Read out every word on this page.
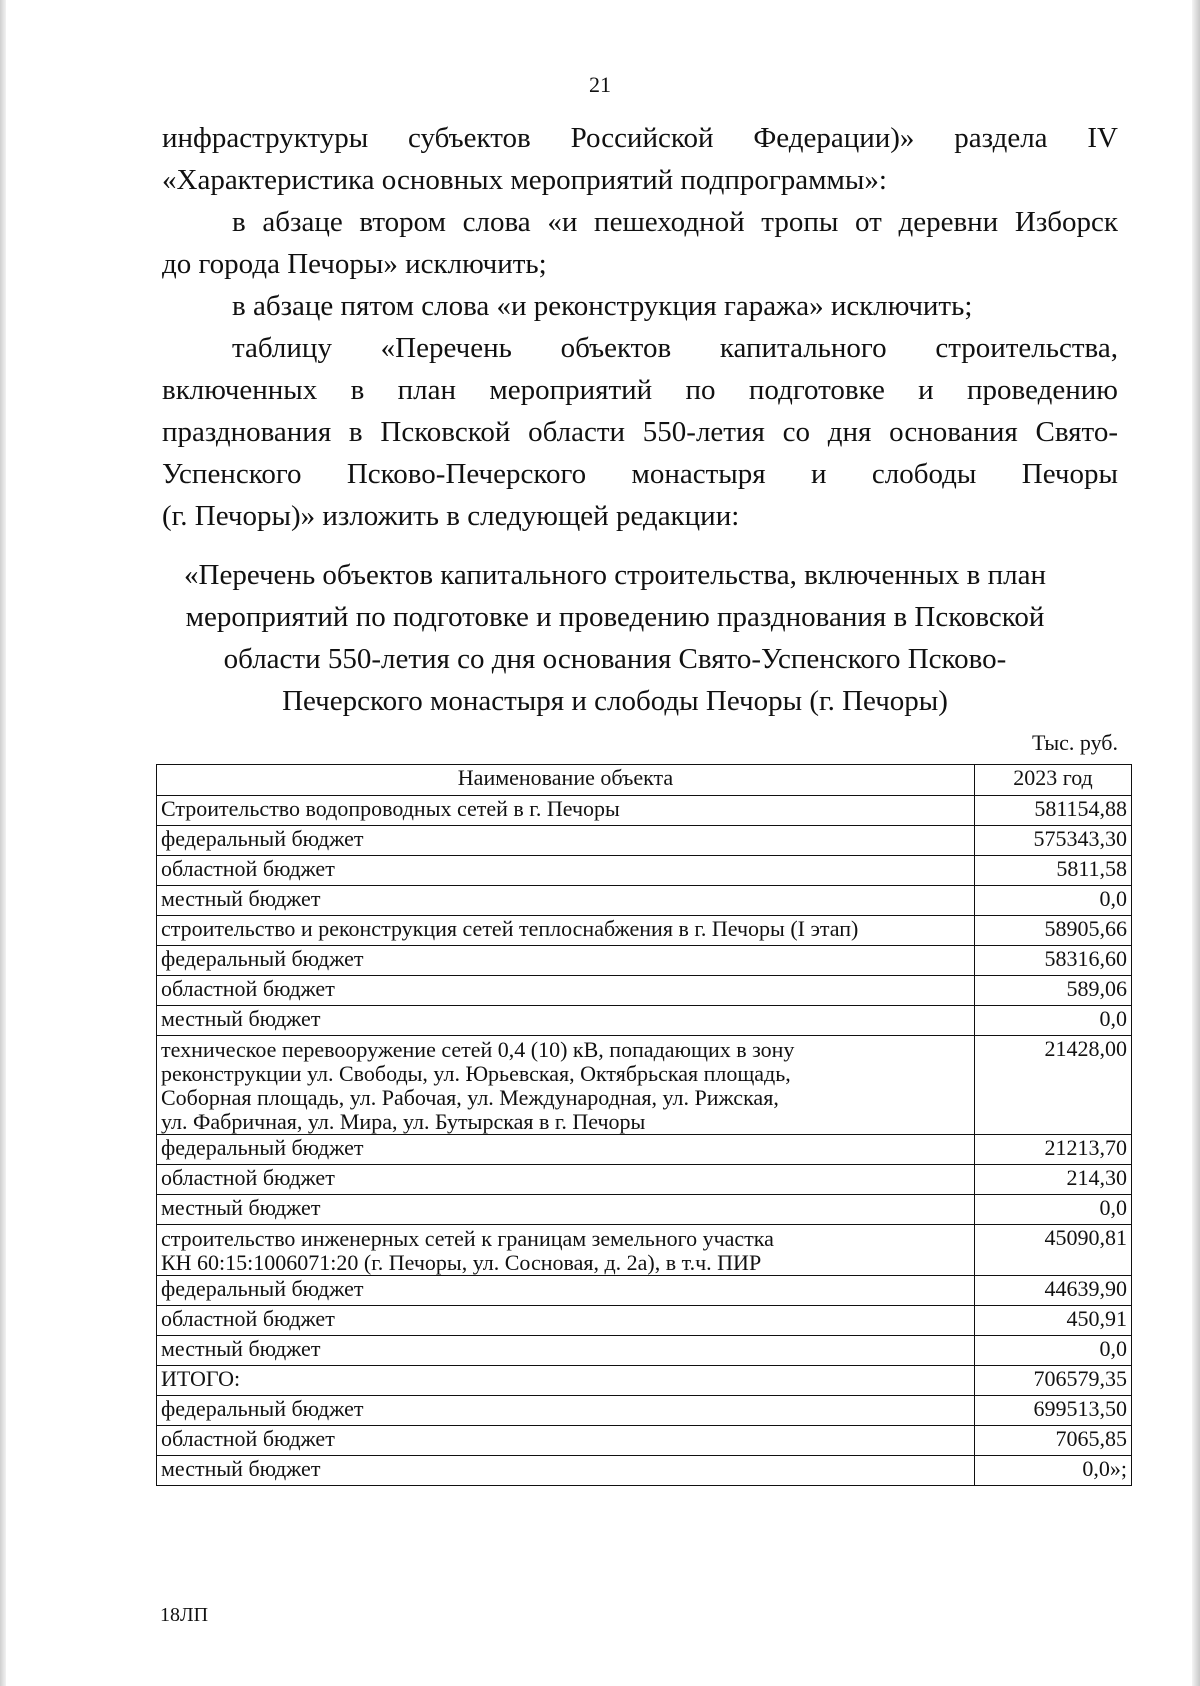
21
инфраструктуры субъектов Российской Федерации)» раздела IV
«Характеристика основных мероприятий подпрограммы»:
в абзаце втором слова «и пешеходной тропы от деревни Изборск
до города Печоры» исключить;
в абзаце пятом слова «и реконструкция гаража» исключить;
таблицу «Перечень объектов капитального строительства,
включенных в план мероприятий по подготовке и проведению
празднования в Псковской области 550-летия со дня основания Свято-
Успенского Псково-Печерского монастыря и слободы Печоры
(г. Печоры)» изложить в следующей редакции:
«Перечень объектов капитального строительства, включенных в план
мероприятий по подготовке и проведению празднования в Псковской
области 550-летия со дня основания Свято-Успенского Псково-
Печерского монастыря и слободы Печоры (г. Печоры)
Тыс. руб.
Наименование объекта	2023 год

Строительство водопроводных сетей в г. Печоры	581154,88

федеральный бюджет	575343,30

областной бюджет	5811,58

местный бюджет	0,0

строительство и реконструкция сетей теплоснабжения в г. Печоры (I этап)	58905,66

федеральный бюджет	58316,60

областной бюджет	589,06

местный бюджет	0,0

техническое перевооружение сетей 0,4 (10) кВ, попадающих в зону
реконструкции ул. Свободы, ул. Юрьевская, Октябрьская площадь,
Соборная площадь, ул. Рабочая, ул. Международная, ул. Рижская,
ул. Фабричная, ул. Мира, ул. Бутырская в г. Печоры	21428,00

федеральный бюджет	21213,70

областной бюджет	214,30

местный бюджет	0,0

строительство инженерных сетей к границам земельного участка
КН 60:15:1006071:20 (г. Печоры, ул. Сосновая, д. 2а), в т.ч. ПИР	45090,81

федеральный бюджет	44639,90

областной бюджет	450,91

местный бюджет	0,0

ИТОГО:	706579,35

федеральный бюджет	699513,50

областной бюджет	7065,85

местный бюджет	0,0»;
18ЛП
